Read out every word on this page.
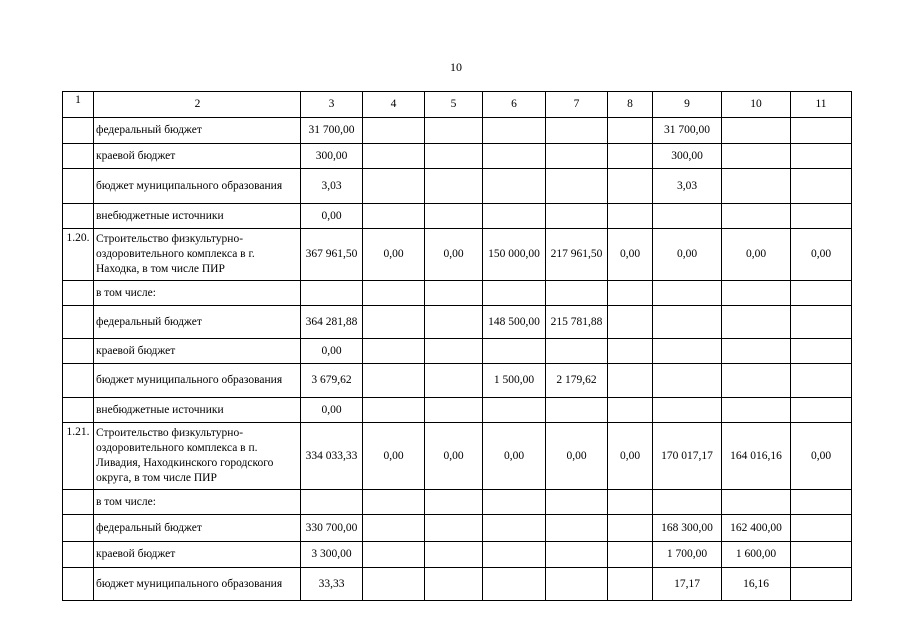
10
1	2	3	4	5	6	7	8	9	10	11
	федеральный бюджет	31 700,00						31 700,00		
	краевой бюджет	300,00						300,00		
	бюджет муниципального образования	3,03						3,03		
	внебюджетные источники	0,00								
1.20.	Строительство физкультурно-оздоровительного комплекса в г. Находка, в том числе ПИР	367 961,50	0,00	0,00	150 000,00	217 961,50	0,00	0,00	0,00	0,00
	в том числе:									
	федеральный бюджет	364 281,88			148 500,00	215 781,88				
	краевой бюджет	0,00								
	бюджет муниципального образования	3 679,62			1 500,00	2 179,62				
	внебюджетные источники	0,00								
1.21.	Строительство физкультурно-оздоровительного комплекса в п. Ливадия, Находкинского городского округа, в том числе ПИР	334 033,33	0,00	0,00	0,00	0,00	0,00	170 017,17	164 016,16	0,00
	в том числе:									
	федеральный бюджет	330 700,00						168 300,00	162 400,00	
	краевой бюджет	3 300,00						1 700,00	1 600,00	
	бюджет муниципального образования	33,33						17,17	16,16	
